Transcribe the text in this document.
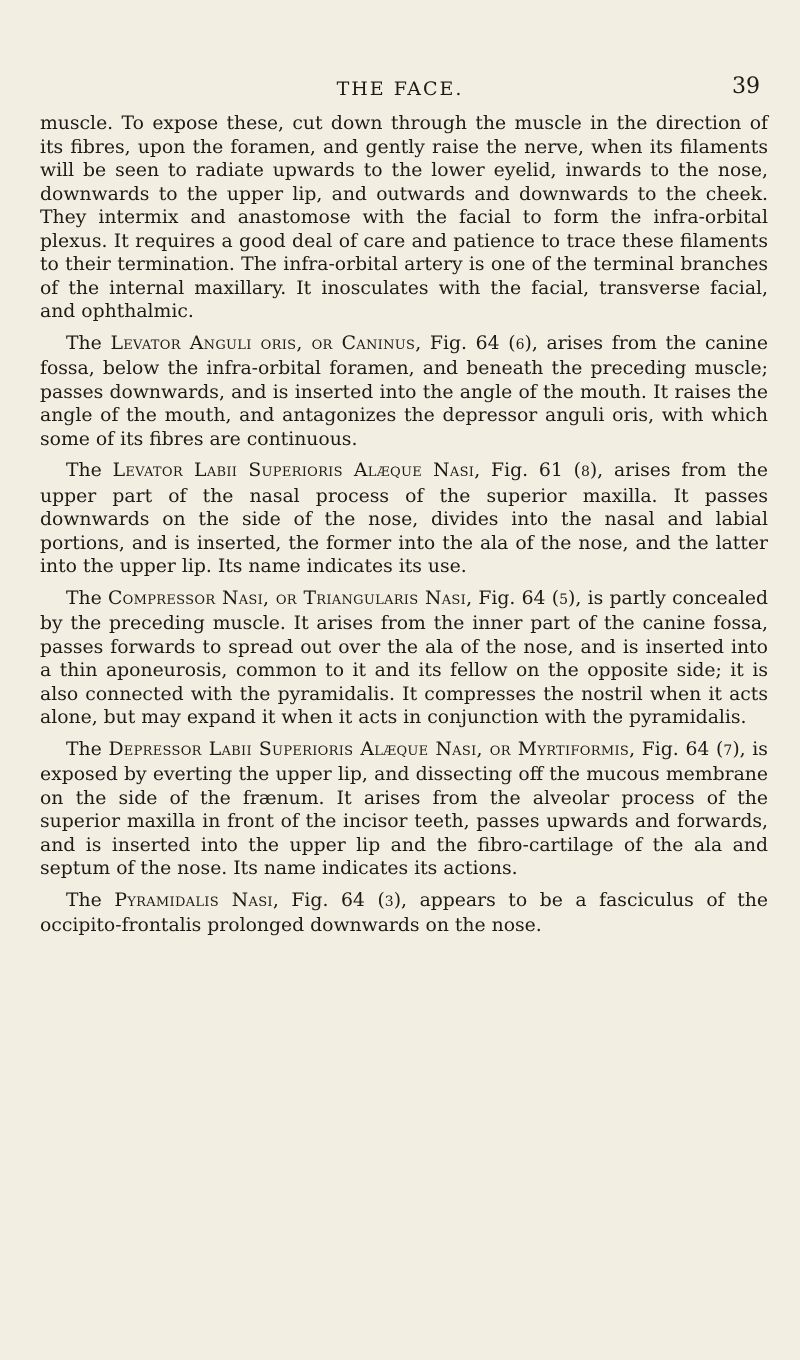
THE FACE.	39

muscle. To expose these, cut down through the muscle in the direction of its fibres, upon the foramen, and gently raise the nerve, when its filaments will be seen to radiate upwards to the lower eyelid, inwards to the nose, downwards to the upper lip, and outwards and downwards to the cheek. They intermix and anastomose with the facial to form the infra-orbital plexus. It requires a good deal of care and patience to trace these filaments to their termination. The infra-orbital artery is one of the terminal branches of the internal maxillary. It inosculates with the facial, transverse facial, and ophthalmic.

The Levator Anguli oris, or Caninus, Fig. 64 (6), arises from the canine fossa, below the infra-orbital foramen, and beneath the preceding muscle; passes downwards, and is inserted into the angle of the mouth. It raises the angle of the mouth, and antagonizes the depressor anguli oris, with which some of its fibres are continuous.

The Levator Labii Superioris Alæque Nasi, Fig. 61 (8), arises from the upper part of the nasal process of the superior maxilla. It passes downwards on the side of the nose, divides into the nasal and labial portions, and is inserted, the former into the ala of the nose, and the latter into the upper lip. Its name indicates its use.

The Compressor Nasi, or Triangularis Nasi, Fig. 64 (5), is partly concealed by the preceding muscle. It arises from the inner part of the canine fossa, passes forwards to spread out over the ala of the nose, and is inserted into a thin aponeurosis, common to it and its fellow on the opposite side; it is also connected with the pyramidalis. It compresses the nostril when it acts alone, but may expand it when it acts in conjunction with the pyramidalis.

The Depressor Labii Superioris Alæque Nasi, or Myrtiformis, Fig. 64 (7), is exposed by everting the upper lip, and dissecting off the mucous membrane on the side of the frænum. It arises from the alveolar process of the superior maxilla in front of the incisor teeth, passes upwards and forwards, and is inserted into the upper lip and the fibro-cartilage of the ala and septum of the nose. Its name indicates its actions.

The Pyramidalis Nasi, Fig. 64 (3), appears to be a fasciculus of the occipito-frontalis prolonged downwards on the nose.
